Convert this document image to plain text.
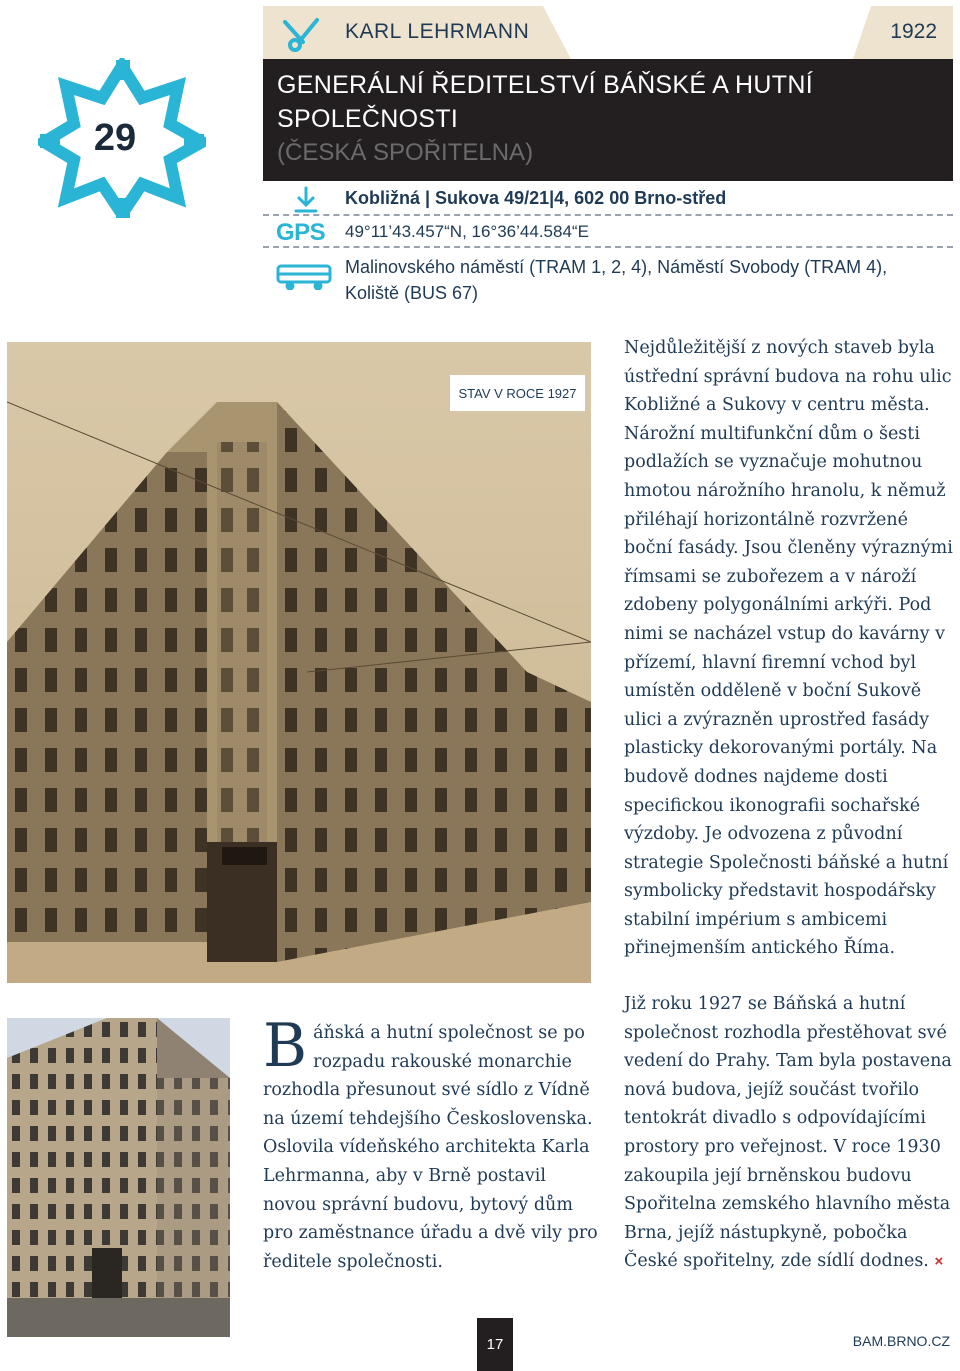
29
KARL LEHRMANN	1922
GENERÁLNÍ ŘEDITELSTVÍ BÁŇSKÉ A HUTNÍ
SPOLEČNOSTI
(ČESKÁ SPOŘITELNA)
Kobližná | Sukova 49/21|4, 602 00 Brno-střed
GPS 49°11’43.457“N, 16°36’44.584“E
Malinovského náměstí (TRAM 1, 2, 4), Náměstí Svobody (TRAM 4), Koliště (BUS 67)
STAV V ROCE 1927
Nejdůležitější z nových staveb byla ústřední správní budova na rohu ulic Kobližné a Sukovy v centru města. Nárožní multifunkční dům o šesti podlažích se vyznačuje mohutnou hmotou nárožního hranolu, k němuž přiléhají horizontálně rozvržené boční fasády. Jsou členěny výraznými římsami se zubořezem a v nároží zdobeny polygonálními arkýři. Pod nimi se nacházel vstup do kavárny v přízemí, hlavní firemní vchod byl umístěn odděleně v boční Sukově ulici a zvýrazněn uprostřed fasády plasticky dekorovanými portály. Na budově dodnes najdeme dosti specifickou ikonografii sochařské výzdoby. Je odvozena z původní strategie Společnosti báňské a hutní symbolicky představit hospodářsky stabilní impérium s ambicemi přinejmenším antického Říma.
Báňská a hutní společnost se po rozpadu rakouské monarchie rozhodla přesunout své sídlo z Vídně na území tehdejšího Československa. Oslovila vídeňského architekta Karla Lehrmanna, aby v Brně postavil novou správní budovu, bytový dům pro zaměstnance úřadu a dvě vily pro ředitele společnosti.
Již roku 1927 se Báňská a hutní společnost rozhodla přestěhovat své vedení do Prahy. Tam byla postavena nová budova, jejíž součást tvořilo tentokrát divadlo s odpovídajícími prostory pro veřejnost. V roce 1930 zakoupila její brněnskou budovu Spořitelna zemského hlavního města Brna, jejíž nástupkyně, pobočka České spořitelny, zde sídlí dodnes. ×
17	BAM.BRNO.CZ
